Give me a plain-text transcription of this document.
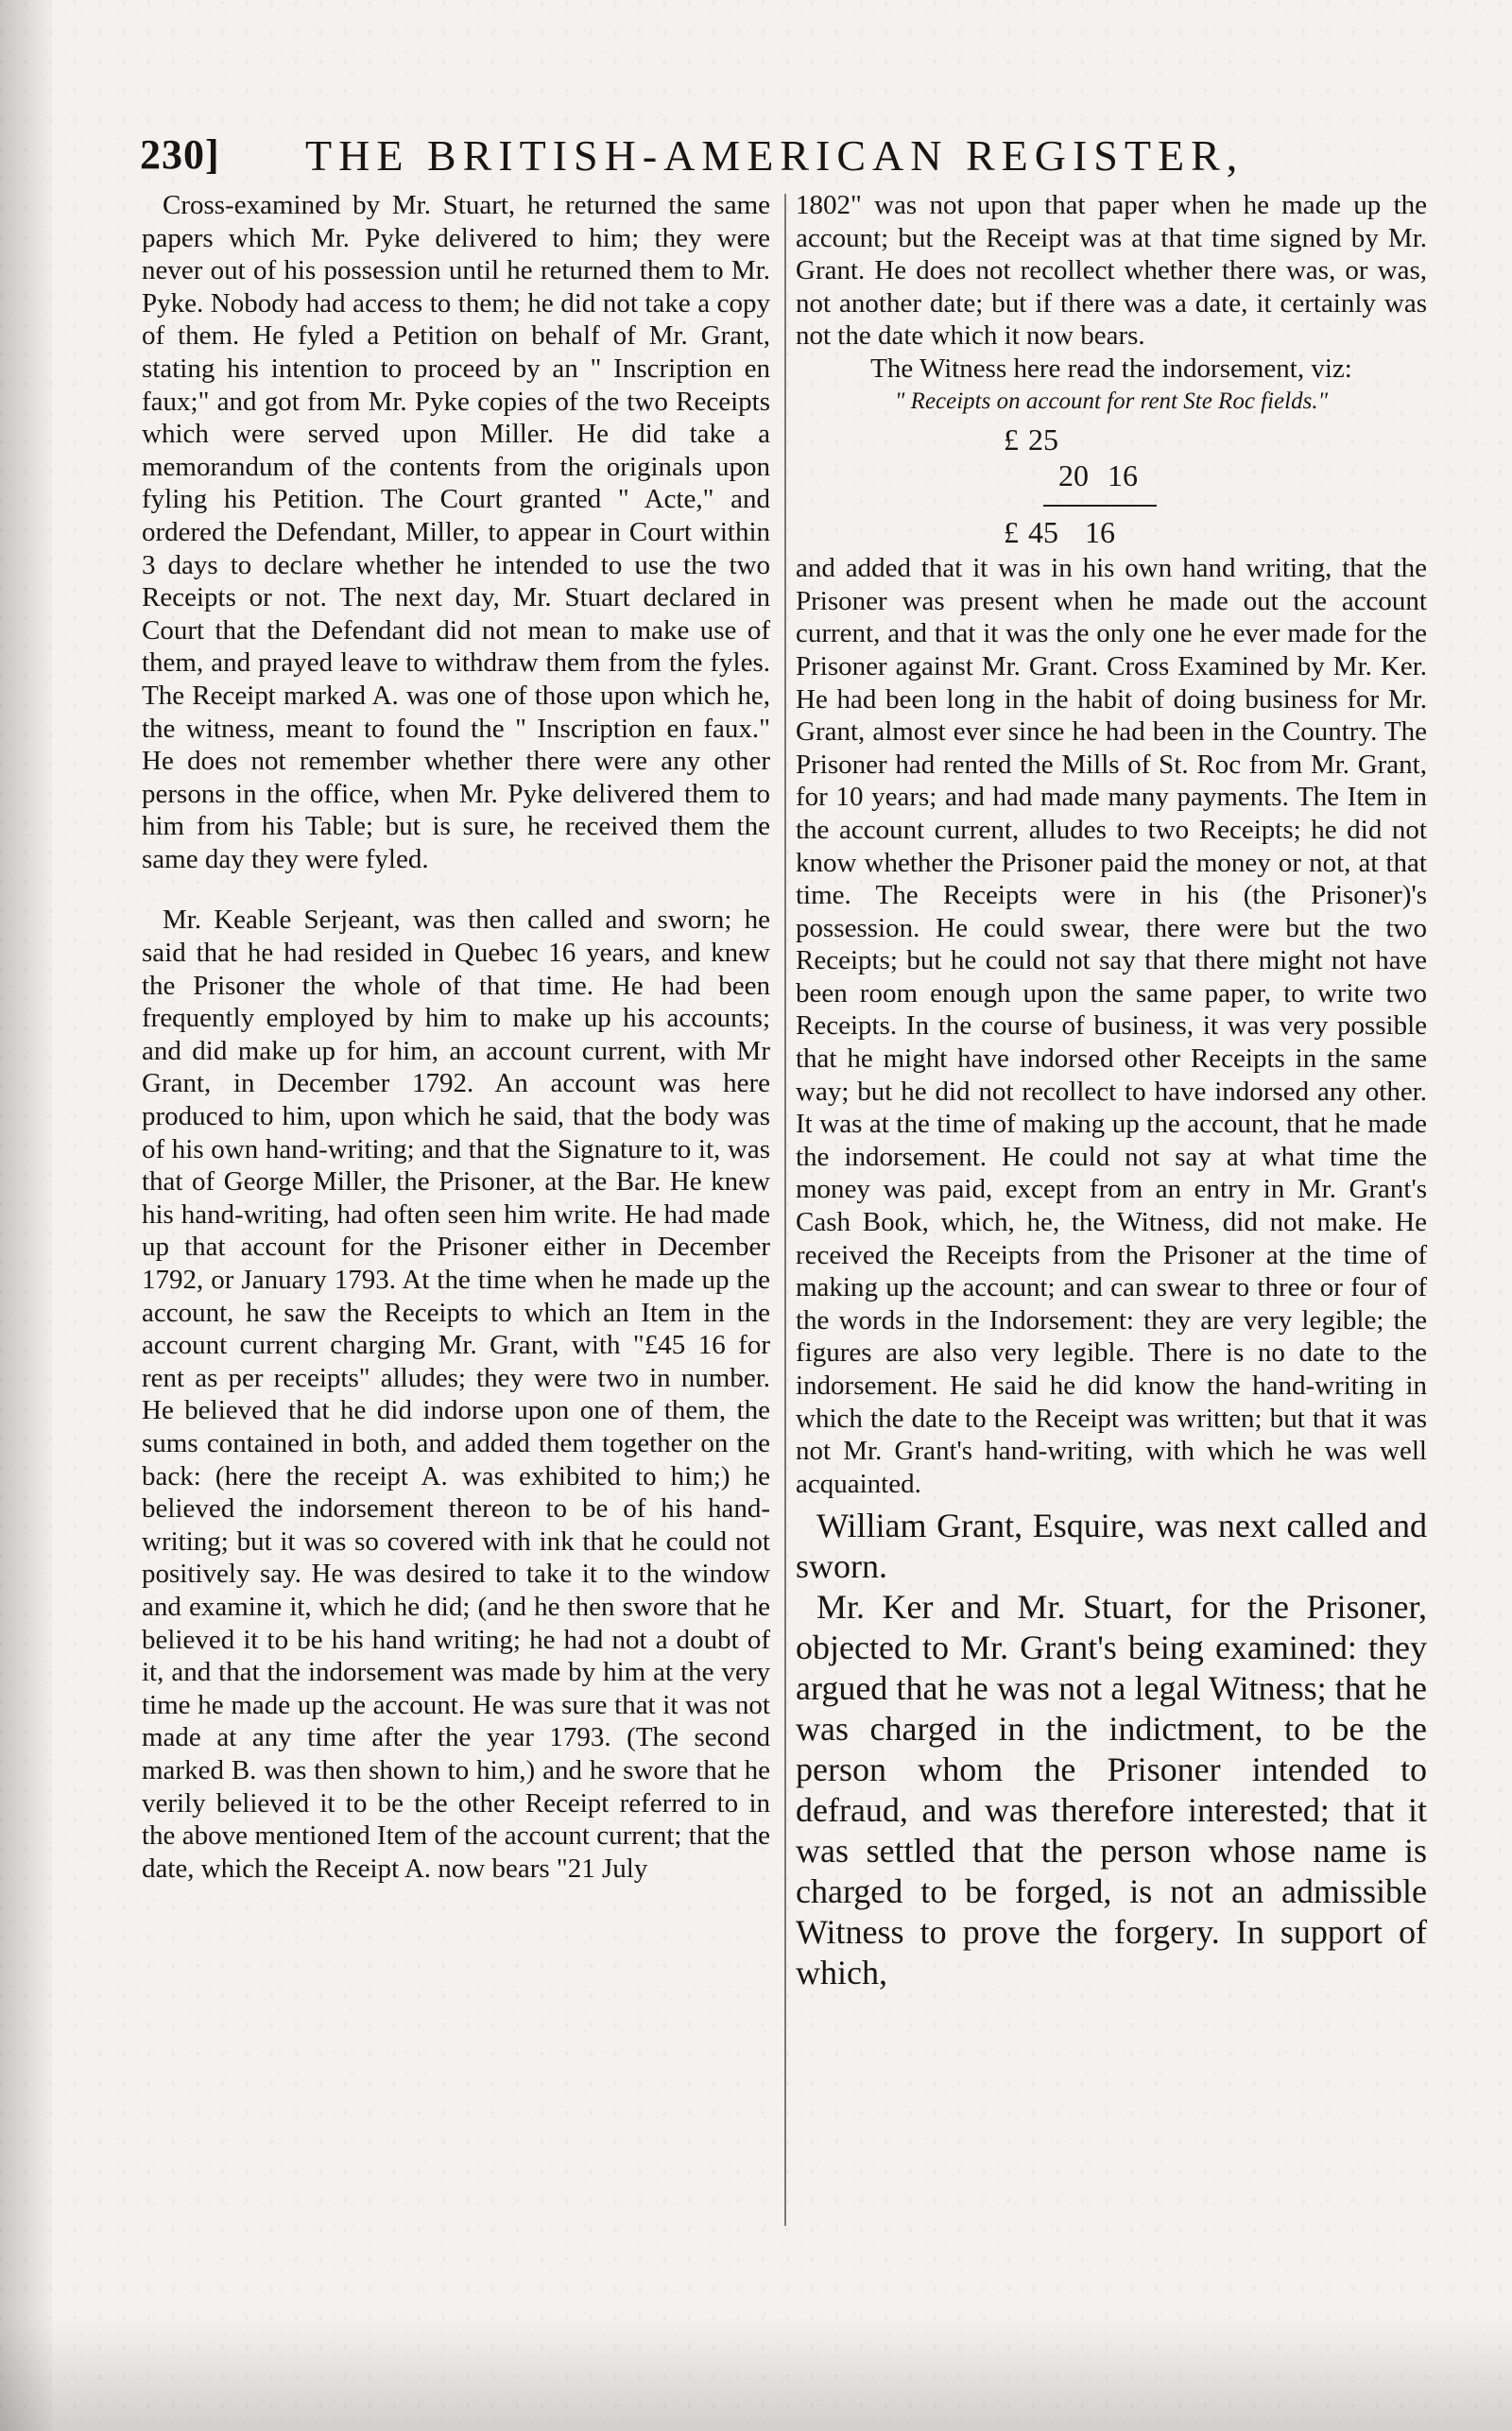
230] THE BRITISH-AMERICAN REGISTER,

Cross-examined by Mr. Stuart, he returned the same papers which Mr. Pyke delivered to him; they were never out of his possession until he returned them to Mr. Pyke. Nobody had access to them; he did not take a copy of them. He fyled a Petition on behalf of Mr. Grant, stating his intention to proceed by an " Inscription en faux;" and got from Mr. Pyke copies of the two Receipts which were served upon Miller. He did take a memorandum of the contents from the originals upon fyling his Petition. The Court granted " Acte," and ordered the Defendant, Miller, to appear in Court within 3 days to declare whether he intended to use the two Receipts or not. The next day, Mr. Stuart declared in Court that the Defendant did not mean to make use of them, and prayed leave to withdraw them from the fyles. The Receipt marked A. was one of those upon which he, the witness, meant to found the " Inscription en faux." He does not remember whether there were any other persons in the office, when Mr. Pyke delivered them to him from his Table; but is sure, he received them the same day they were fyled.

Mr. Keable Serjeant, was then called and sworn; he said that he had resided in Quebec 16 years, and knew the Prisoner the whole of that time. He had been frequently employed by him to make up his accounts; and did make up for him, an account current, with Mr Grant, in December 1792. An account was here produced to him, upon which he said, that the body was of his own hand-writing; and that the Signature to it, was that of George Miller, the Prisoner, at the Bar. He knew his hand-writing, had often seen him write. He had made up that account for the Prisoner either in December 1792, or January 1793. At the time when he made up the account, he saw the Receipts to which an Item in the account current charging Mr. Grant, with "£45 16 for rent as per receipts" alludes; they were two in number. He believed that he did indorse upon one of them, the sums contained in both, and added them together on the back: (here the receipt A. was exhibited to him;) he believed the indorsement thereon to be of his hand-writing; but it was so covered with ink that he could not positively say. He was desired to take it to the window and examine it, which he did; (and he then swore that he believed it to be his hand writing; he had not a doubt of it, and that the indorsement was made by him at the very time he made up the account. He was sure that it was not made at any time after the year 1793. (The second marked B. was then shown to him,) and he swore that he verily believed it to be the other Receipt referred to in the above mentioned Item of the account current; that the date, which the Receipt A. now bears "21 July

1802" was not upon that paper when he made up the account; but the Receipt was at that time signed by Mr. Grant. He does not recollect whether there was, or was, not another date; but if there was a date, it certainly was not the date which it now bears.

The Witness here read the indorsement, viz:

" Receipts on account for rent Ste Roc fields."
£ 25
20 16
£ 45 16

and added that it was in his own hand writing, that the Prisoner was present when he made out the account current, and that it was the only one he ever made for the Prisoner against Mr. Grant. Cross Examined by Mr. Ker. He had been long in the habit of doing business for Mr. Grant, almost ever since he had been in the Country. The Prisoner had rented the Mills of St. Roc from Mr. Grant, for 10 years; and had made many payments. The Item in the account current, alludes to two Receipts; he did not know whether the Prisoner paid the money or not, at that time. The Receipts were in his (the Prisoner)'s possession. He could swear, there were but the two Receipts; but he could not say that there might not have been room enough upon the same paper, to write two Receipts. In the course of business, it was very possible that he might have indorsed other Receipts in the same way; but he did not recollect to have indorsed any other. It was at the time of making up the account, that he made the indorsement. He could not say at what time the money was paid, except from an entry in Mr. Grant's Cash Book, which, he, the Witness, did not make. He received the Receipts from the Prisoner at the time of making up the account; and can swear to three or four of the words in the Indorsement: they are very legible; the figures are also very legible. There is no date to the indorsement. He said he did know the hand-writing in which the date to the Receipt was written; but that it was not Mr. Grant's hand-writing, with which he was well acquainted.

William Grant, Esquire, was next called and sworn.

Mr. Ker and Mr. Stuart, for the Prisoner, objected to Mr. Grant's being examined: they argued that he was not a legal Witness; that he was charged in the indictment, to be the person whom the Prisoner intended to defraud, and was therefore interested; that it was settled that the person whose name is charged to be forged, is not an admissible Witness to prove the forgery. In support of which,
